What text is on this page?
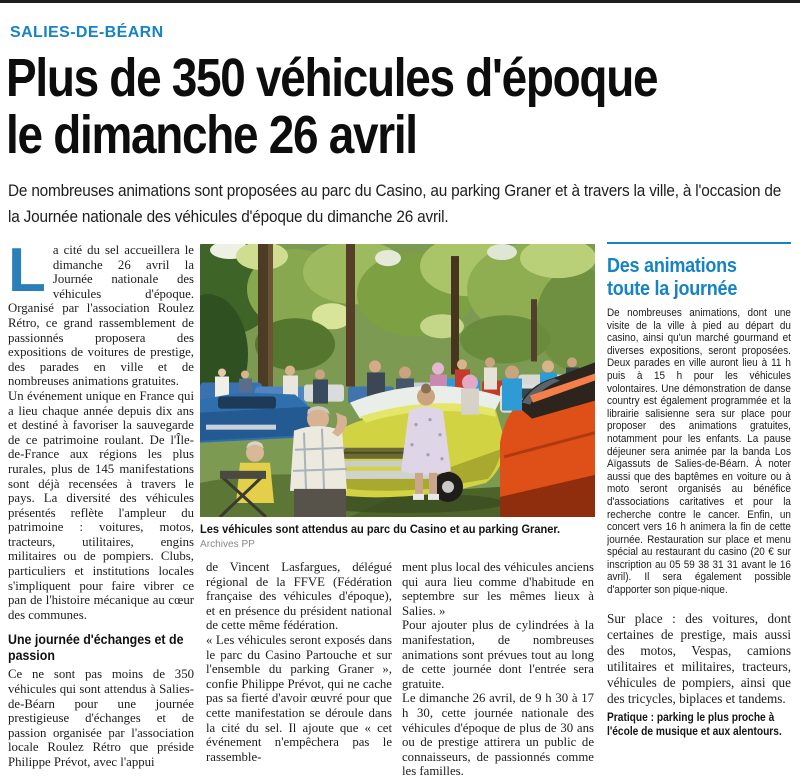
SALIES-DE-BÉARN
Plus de 350 véhicules d'époque
le dimanche 26 avril

De nombreuses animations sont proposées au parc du Casino, au parking Graner et à travers la ville, à l'occasion de la Journée nationale des véhicules d'époque du dimanche 26 avril.

La cité du sel accueillera le dimanche 26 avril la Journée nationale des véhicules d'époque. Organisé par l'association Roulez Rétro, ce grand rassemblement de passionnés proposera des expositions de voitures de prestige, des parades en ville et de nombreuses animations gratuites.

Un événement unique en France qui a lieu chaque année depuis dix ans et destiné à favoriser la sauvegarde de ce patrimoine roulant. De l'Île-de-France aux régions les plus rurales, plus de 145 manifestations sont déjà recensées à travers le pays. La diversité des véhicules présentés reflète l'ampleur du patrimoine : voitures, motos, tracteurs, utilitaires, engins militaires ou de pompiers. Clubs, particuliers et institutions locales s'impliquent pour faire vibrer ce pan de l'histoire mécanique au cœur des communes.

Une journée d'échanges et de passion

Ce ne sont pas moins de 350 véhicules qui sont attendus à Salies-de-Béarn pour une journée prestigieuse d'échanges et de passion organisée par l'association locale Roulez Rétro que préside Philippe Prévot, avec l'appui

Les véhicules sont attendus au parc du Casino et au parking Graner. Archives PP

de Vincent Lasfargues, délégué régional de la FFVE (Fédération française des véhicules d'époque), et en présence du président national de cette même fédération.

« Les véhicules seront exposés dans le parc du Casino Partouche et sur l'ensemble du parking Graner », confie Philippe Prévot, qui ne cache pas sa fierté d'avoir œuvré pour que cette manifestation se déroule dans la cité du sel. Il ajoute que « cet événement n'empêchera pas le rassemble-

ment plus local des véhicules anciens qui aura lieu comme d'habitude en septembre sur les mêmes lieux à Salies. »

Pour ajouter plus de cylindrées à la manifestation, de nombreuses animations sont prévues tout au long de cette journée dont l'entrée sera gratuite.

Le dimanche 26 avril, de 9 h 30 à 17 h 30, cette journée nationale des véhicules d'époque de plus de 30 ans ou de prestige attirera un public de connaisseurs, de passionnés comme les familles.

Des animations
toute la journée

De nombreuses animations, dont une visite de la ville à pied au départ du casino, ainsi qu'un marché gourmand et diverses expositions, seront proposées. Deux parades en ville auront lieu à 11 h puis à 15 h pour les véhicules volontaires. Une démonstration de danse country est également programmée et la librairie salisienne sera sur place pour proposer des animations gratuites, notamment pour les enfants. La pause déjeuner sera animée par la banda Los Aïgassuts de Salies-de-Béarn. À noter aussi que des baptêmes en voiture ou à moto seront organisés au bénéfice d'associations caritatives et pour la recherche contre le cancer. Enfin, un concert vers 16 h animera la fin de cette journée. Restauration sur place et menu spécial au restaurant du casino (20 € sur inscription au 05 59 38 31 31 avant le 16 avril). Il sera également possible d'apporter son pique-nique.

Sur place : des voitures, dont certaines de prestige, mais aussi des motos, Vespas, camions utilitaires et militaires, tracteurs, véhicules de pompiers, ainsi que des tricycles, biplaces et tandems.

Pratique : parking le plus proche à l'école de musique et aux alentours.
